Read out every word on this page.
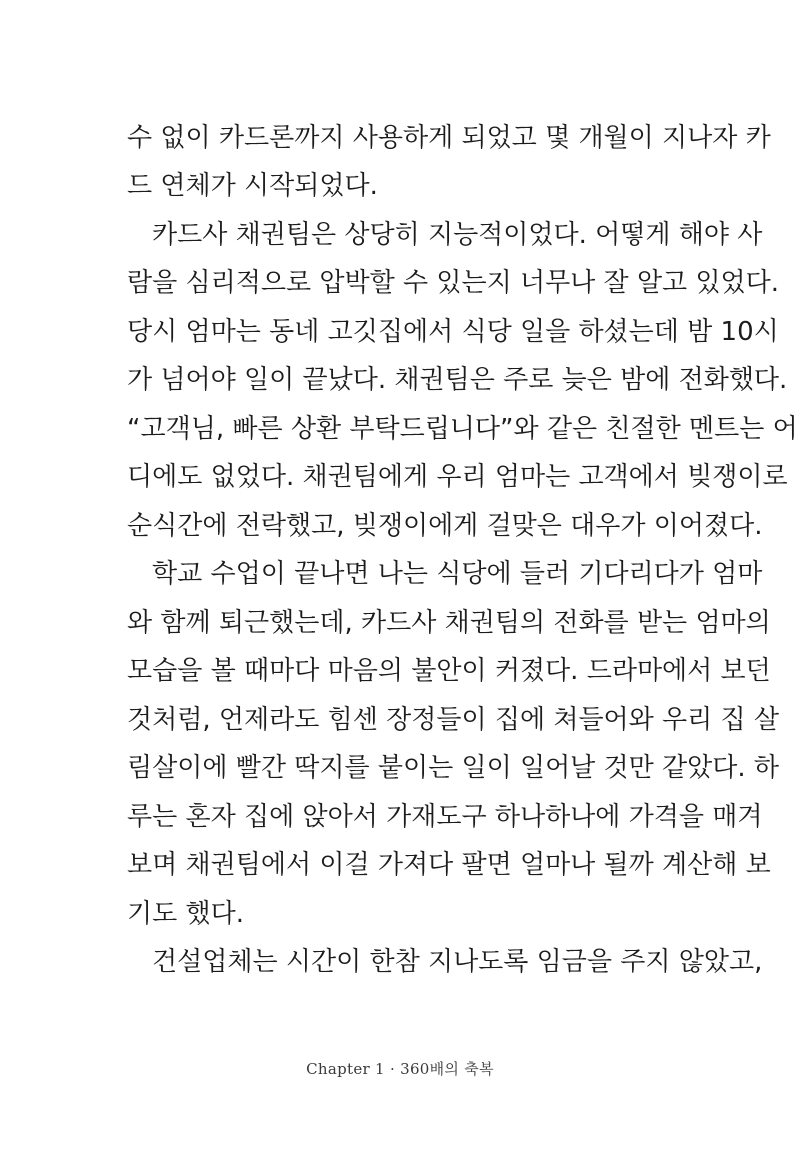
수 없이 카드론까지 사용하게 되었고 몇 개월이 지나자 카

드 연체가 시작되었다.

카드사 채권팀은 상당히 지능적이었다. 어떻게 해야 사

람을 심리적으로 압박할 수 있는지 너무나 잘 알고 있었다.

당시 엄마는 동네 고깃집에서 식당 일을 하셨는데 밤 10시

가 넘어야 일이 끝났다. 채권팀은 주로 늦은 밤에 전화했다.

“고객님, 빠른 상환 부탁드립니다”와 같은 친절한 멘트는 어

디에도 없었다. 채권팀에게 우리 엄마는 고객에서 빚쟁이로

순식간에 전락했고, 빚쟁이에게 걸맞은 대우가 이어졌다.

학교 수업이 끝나면 나는 식당에 들러 기다리다가 엄마

와 함께 퇴근했는데, 카드사 채권팀의 전화를 받는 엄마의

모습을 볼 때마다 마음의 불안이 커졌다. 드라마에서 보던

것처럼, 언제라도 힘센 장정들이 집에 쳐들어와 우리 집 살

림살이에 빨간 딱지를 붙이는 일이 일어날 것만 같았다. 하

루는 혼자 집에 앉아서 가재도구 하나하나에 가격을 매겨

보며 채권팀에서 이걸 가져다 팔면 얼마나 될까 계산해 보

기도 했다.

건설업체는 시간이 한참 지나도록 임금을 주지 않았고,

Chapter 1 · 360배의 축복
